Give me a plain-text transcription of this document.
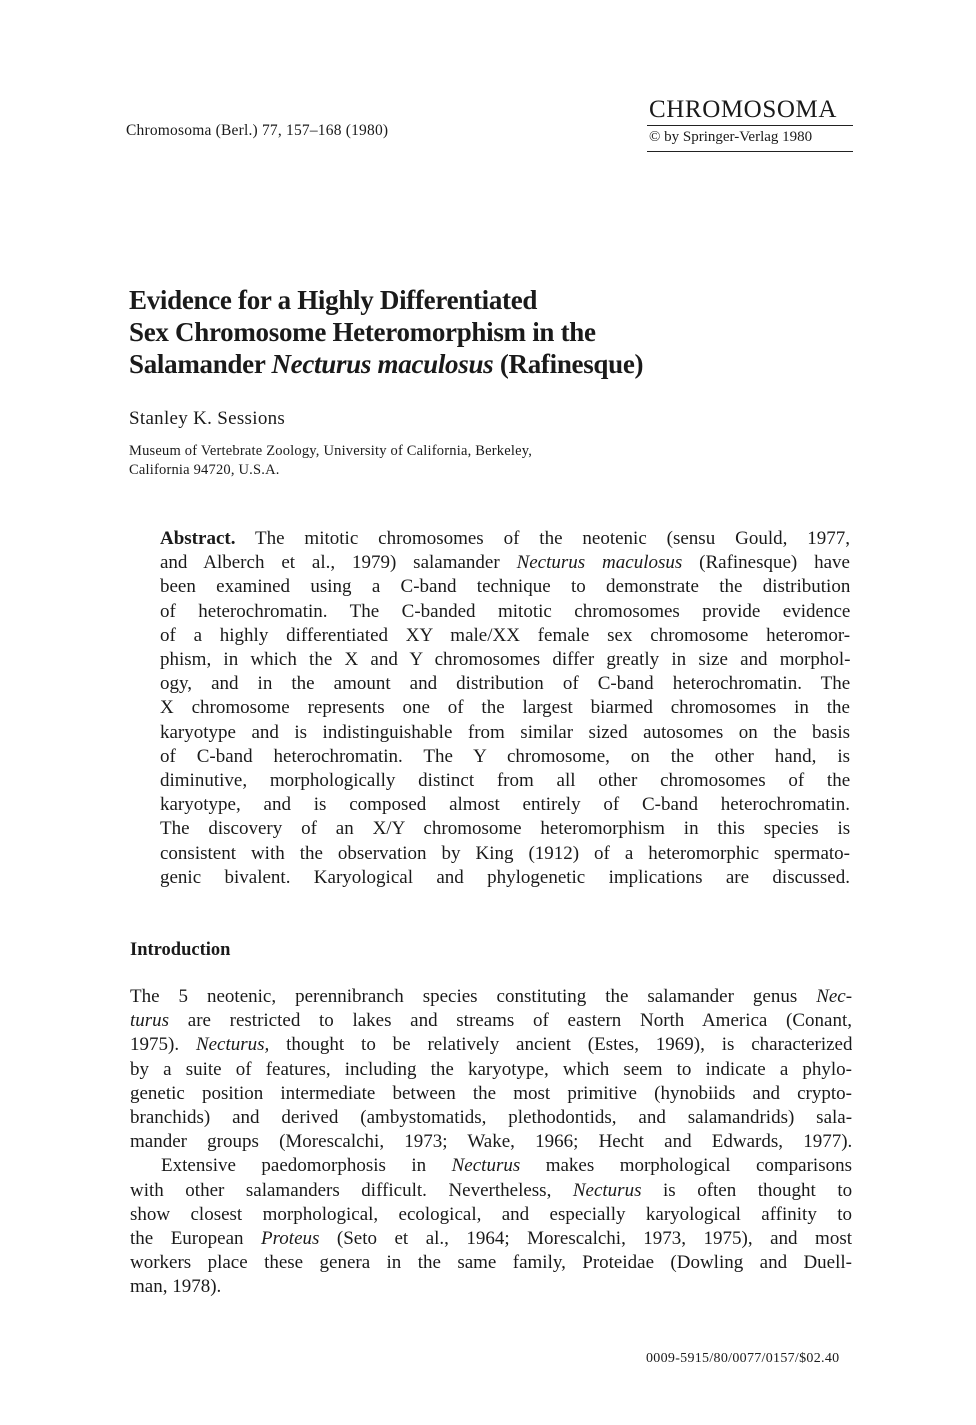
Chromosoma (Berl.) 77, 157–168 (1980)
CHROMOSOMA
© by Springer-Verlag 1980
Evidence for a Highly Differentiated
Sex Chromosome Heteromorphism in the
Salamander Necturus maculosus (Rafinesque)
Stanley K. Sessions
Museum of Vertebrate Zoology, University of California, Berkeley,
California 94720, U.S.A.
Abstract. The mitotic chromosomes of the neotenic (sensu Gould, 1977,
and Alberch et al., 1979) salamander Necturus maculosus (Rafinesque) have
been examined using a C-band technique to demonstrate the distribution
of heterochromatin. The C-banded mitotic chromosomes provide evidence
of a highly differentiated XY male/XX female sex chromosome heteromor-
phism, in which the X and Y chromosomes differ greatly in size and morphol-
ogy, and in the amount and distribution of C-band heterochromatin. The
X chromosome represents one of the largest biarmed chromosomes in the
karyotype and is indistinguishable from similar sized autosomes on the basis
of C-band heterochromatin. The Y chromosome, on the other hand, is
diminutive, morphologically distinct from all other chromosomes of the
karyotype, and is composed almost entirely of C-band heterochromatin.
The discovery of an X/Y chromosome heteromorphism in this species is
consistent with the observation by King (1912) of a heteromorphic spermato-
genic bivalent. Karyological and phylogenetic implications are discussed.
Introduction
The 5 neotenic, perennibranch species constituting the salamander genus Nec-
turus are restricted to lakes and streams of eastern North America (Conant,
1975). Necturus, thought to be relatively ancient (Estes, 1969), is characterized
by a suite of features, including the karyotype, which seem to indicate a phylo-
genetic position intermediate between the most primitive (hynobiids and crypto-
branchids) and derived (ambystomatids, plethodontids, and salamandrids) sala-
mander groups (Morescalchi, 1973; Wake, 1966; Hecht and Edwards, 1977).
Extensive paedomorphosis in Necturus makes morphological comparisons
with other salamanders difficult. Nevertheless, Necturus is often thought to
show closest morphological, ecological, and especially karyological affinity to
the European Proteus (Seto et al., 1964; Morescalchi, 1973, 1975), and most
workers place these genera in the same family, Proteidae (Dowling and Duell-
man, 1978).
0009-5915/80/0077/0157/$02.40
